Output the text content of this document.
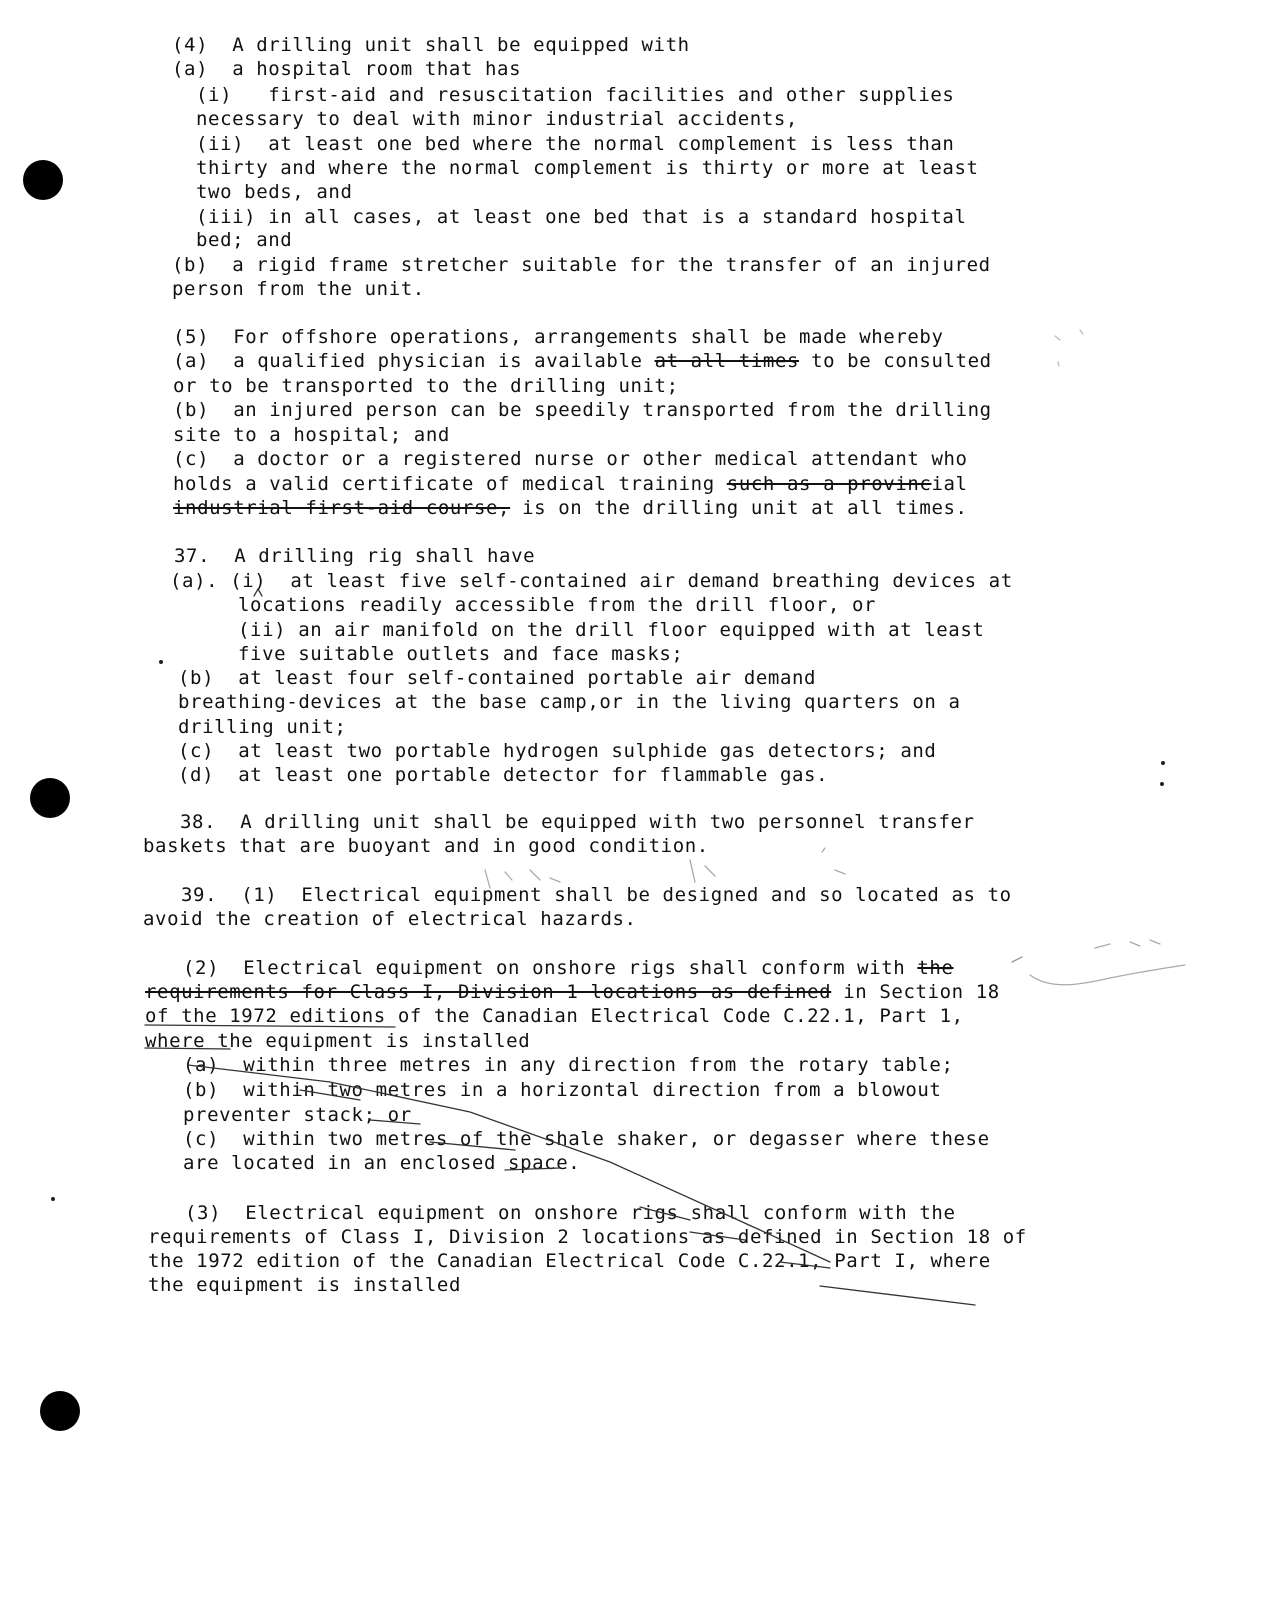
(4)  A drilling unit shall be equipped with
(a)  a hospital room that has
(i)   first-aid and resuscitation facilities and other supplies
necessary to deal with minor industrial accidents,
(ii)  at least one bed where the normal complement is less than
thirty and where the normal complement is thirty or more at least
two beds, and
(iii) in all cases, at least one bed that is a standard hospital
bed; and
(b)  a rigid frame stretcher suitable for the transfer of an injured
person from the unit.
(5)  For offshore operations, arrangements shall be made whereby
(a)  a qualified physician is available at all times to be consulted
or to be transported to the drilling unit;
(b)  an injured person can be speedily transported from the drilling
site to a hospital; and
(c)  a doctor or a registered nurse or other medical attendant who
holds a valid certificate of medical training such as a provincial
industrial first-aid course, is on the drilling unit at all times.
37.  A drilling rig shall have
(a). (i)  at least five self-contained air demand breathing devices at
locations readily accessible from the drill floor, or
(ii) an air manifold on the drill floor equipped with at least
five suitable outlets and face masks;
(b)  at least four self-contained portable air demand
breathing-devices at the base camp,or in the living quarters on a
drilling unit;
(c)  at least two portable hydrogen sulphide gas detectors; and
(d)  at least one portable detector for flammable gas.
38.  A drilling unit shall be equipped with two personnel transfer
baskets that are buoyant and in good condition.
39.  (1)  Electrical equipment shall be designed and so located as to
avoid the creation of electrical hazards.
(2)  Electrical equipment on onshore rigs shall conform with the
requirements for Class I, Division 1 locations as defined in Section 18
of the 1972 editions of the Canadian Electrical Code C.22.1, Part 1,
where the equipment is installed
(a)  within three metres in any direction from the rotary table;
(b)  within two metres in a horizontal direction from a blowout
preventer stack; or
(c)  within two metres of the shale shaker, or degasser where these
are located in an enclosed space.
(3)  Electrical equipment on onshore rigs shall conform with the
requirements of Class I, Division 2 locations as defined in Section 18 of
the 1972 edition of the Canadian Electrical Code C.22.1, Part I, where
the equipment is installed
